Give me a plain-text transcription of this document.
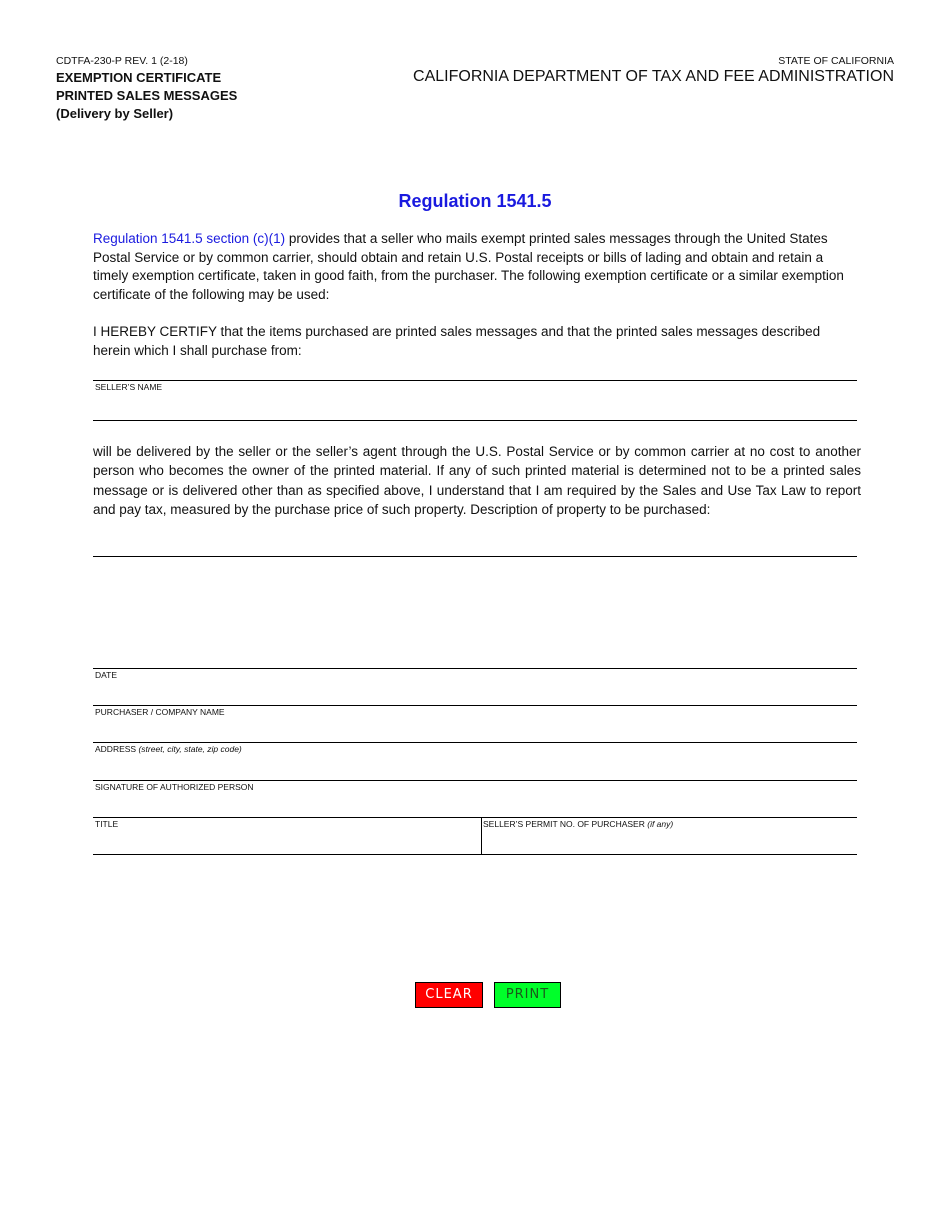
CDTFA-230-P REV. 1 (2-18)
EXEMPTION CERTIFICATE
PRINTED SALES MESSAGES
(Delivery by Seller)
STATE OF CALIFORNIA
CALIFORNIA DEPARTMENT OF TAX AND FEE ADMINISTRATION
Regulation 1541.5
Regulation 1541.5 section (c)(1) provides that a seller who mails exempt printed sales messages through the United States Postal Service or by common carrier, should obtain and retain U.S. Postal receipts or bills of lading and obtain and retain a timely exemption certificate, taken in good faith, from the purchaser. The following exemption certificate or a similar exemption certificate of the following may be used:
I HEREBY CERTIFY that the items purchased are printed sales messages and that the printed sales messages described herein which I shall purchase from:
SELLER’S NAME
will be delivered by the seller or the seller’s agent through the U.S. Postal Service or by common carrier at no cost to another person who becomes the owner of the printed material. If any of such printed material is determined not to be a printed sales message or is delivered other than as specified above, I understand that I am required by the Sales and Use Tax Law to report and pay tax, measured by the purchase price of such property. Description of property to be purchased:
DATE
PURCHASER / COMPANY NAME
ADDRESS (street, city, state, zip code)
SIGNATURE OF AUTHORIZED PERSON
TITLE	SELLER’S PERMIT NO. OF PURCHASER (if any)
CLEAR	PRINT
